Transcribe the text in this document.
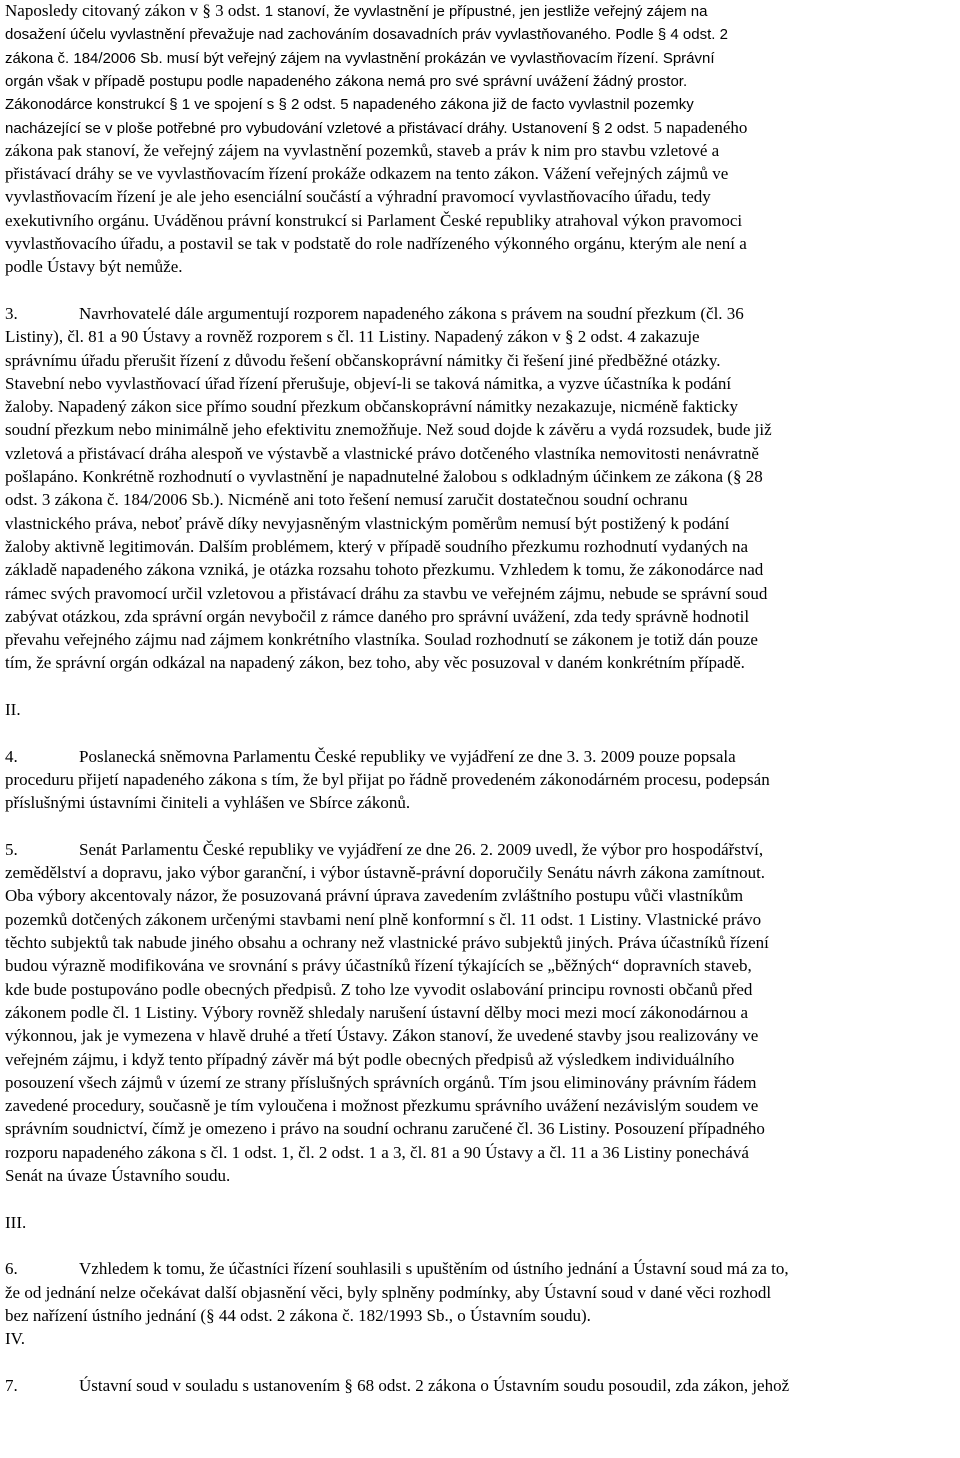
Naposledy citovaný zákon v § 3 odst. 1 stanoví, že vyvlastnění je přípustné, jen jestliže veřejný zájem na
dosažení účelu vyvlastnění převažuje nad zachováním dosavadních práv vyvlastňovaného. Podle § 4 odst. 2
zákona č. 184/2006 Sb. musí být veřejný zájem na vyvlastnění prokázán ve vyvlastňovacím řízení. Správní
orgán však v případě postupu podle napadeného zákona nemá pro své správní uvážení žádný prostor.
Zákonodárce konstrukcí § 1 ve spojení s § 2 odst. 5 napadeného zákona již de facto vyvlastnil pozemky
nacházející se v ploše potřebné pro vybudování vzletové a přistávací dráhy. Ustanovení § 2 odst. 5 napadeného
zákona pak stanoví, že veřejný zájem na vyvlastnění pozemků, staveb a práv k nim pro stavbu vzletové a
přistávací dráhy se ve vyvlastňovacím řízení prokáže odkazem na tento zákon. Vážení veřejných zájmů ve
vyvlastňovacím řízení je ale jeho esenciální součástí a výhradní pravomocí vyvlastňovacího úřadu, tedy
exekutivního orgánu. Uváděnou právní konstrukcí si Parlament České republiky atrahoval výkon pravomoci
vyvlastňovacího úřadu, a postavil se tak v podstatě do role nadřízeného výkonného orgánu, kterým ale není a
podle Ústavy být nemůže.
3.	Navrhovatelé dále argumentují rozporem napadeného zákona s právem na soudní přezkum (čl. 36
Listiny), čl. 81 a 90 Ústavy a rovněž rozporem s čl. 11 Listiny. Napadený zákon v § 2 odst. 4 zakazuje
správnímu úřadu přerušit řízení z důvodu řešení občanskoprávní námitky či řešení jiné předběžné otázky.
Stavební nebo vyvlastňovací úřad řízení přerušuje, objeví-li se taková námitka, a vyzve účastníka k podání
žaloby. Napadený zákon sice přímo soudní přezkum občanskoprávní námitky nezakazuje, nicméně fakticky
soudní přezkum nebo minimálně jeho efektivitu znemožňuje. Než soud dojde k závěru a vydá rozsudek, bude již
vzletová a přistávací dráha alespoň ve výstavbě a vlastnické právo dotčeného vlastníka nemovitosti nenávratně
pošlapáno. Konkrétně rozhodnutí o vyvlastnění je napadnutelné žalobou s odkladným účinkem ze zákona (§ 28
odst. 3 zákona č. 184/2006 Sb.). Nicméně ani toto řešení nemusí zaručit dostatečnou soudní ochranu
vlastnického práva, neboť právě díky nevyjasněným vlastnickým poměrům nemusí být postižený k podání
žaloby aktivně legitimován. Dalším problémem, který v případě soudního přezkumu rozhodnutí vydaných na
základě napadeného zákona vzniká, je otázka rozsahu tohoto přezkumu. Vzhledem k tomu, že zákonodárce nad
rámec svých pravomocí určil vzletovou a přistávací dráhu za stavbu ve veřejném zájmu, nebude se správní soud
zabývat otázkou, zda správní orgán nevybočil z rámce daného pro správní uvážení, zda tedy správně hodnotil
převahu veřejného zájmu nad zájmem konkrétního vlastníka. Soulad rozhodnutí se zákonem je totiž dán pouze
tím, že správní orgán odkázal na napadený zákon, bez toho, aby věc posuzoval v daném konkrétním případě.
II.
4.	Poslanecká sněmovna Parlamentu České republiky ve vyjádření ze dne 3. 3. 2009 pouze popsala
proceduru přijetí napadeného zákona s tím, že byl přijat po řádně provedeném zákonodárném procesu, podepsán
příslušnými ústavními činiteli a vyhlášen ve Sbírce zákonů.
5.	Senát Parlamentu České republiky ve vyjádření ze dne 26. 2. 2009 uvedl, že výbor pro hospodářství,
zemědělství a dopravu, jako výbor garanční, i výbor ústavně-právní doporučily Senátu návrh zákona zamítnout.
Oba výbory akcentovaly názor, že posuzovaná právní úprava zavedením zvláštního postupu vůči vlastníkům
pozemků dotčených zákonem určenými stavbami není plně konformní s čl. 11 odst. 1 Listiny. Vlastnické právo
těchto subjektů tak nabude jiného obsahu a ochrany než vlastnické právo subjektů jiných. Práva účastníků řízení
budou výrazně modifikována ve srovnání s právy účastníků řízení týkajících se „běžných“ dopravních staveb,
kde bude postupováno podle obecných předpisů. Z toho lze vyvodit oslabování principu rovnosti občanů před
zákonem podle čl. 1 Listiny. Výbory rovněž shledaly narušení ústavní dělby moci mezi mocí zákonodárnou a
výkonnou, jak je vymezena v hlavě druhé a třetí Ústavy. Zákon stanoví, že uvedené stavby jsou realizovány ve
veřejném zájmu, i když tento případný závěr má být podle obecných předpisů až výsledkem individuálního
posouzení všech zájmů v území ze strany příslušných správních orgánů. Tím jsou eliminovány právním řádem
zavedené procedury, současně je tím vyloučena i možnost přezkumu správního uvážení nezávislým soudem ve
správním soudnictví, čímž je omezeno i právo na soudní ochranu zaručené čl. 36 Listiny. Posouzení případného
rozporu napadeného zákona s čl. 1 odst. 1, čl. 2 odst. 1 a 3, čl. 81 a 90 Ústavy a čl. 11 a 36 Listiny ponechává
Senát na úvaze Ústavního soudu.
III.
6.	Vzhledem k tomu, že účastníci řízení souhlasili s upuštěním od ústního jednání a Ústavní soud má za to,
že od jednání nelze očekávat další objasnění věci, byly splněny podmínky, aby Ústavní soud v dané věci rozhodl
bez nařízení ústního jednání (§ 44 odst. 2 zákona č. 182/1993 Sb., o Ústavním soudu).
IV.
7.	Ústavní soud v souladu s ustanovením § 68 odst. 2 zákona o Ústavním soudu posoudil, zda zákon, jehož
